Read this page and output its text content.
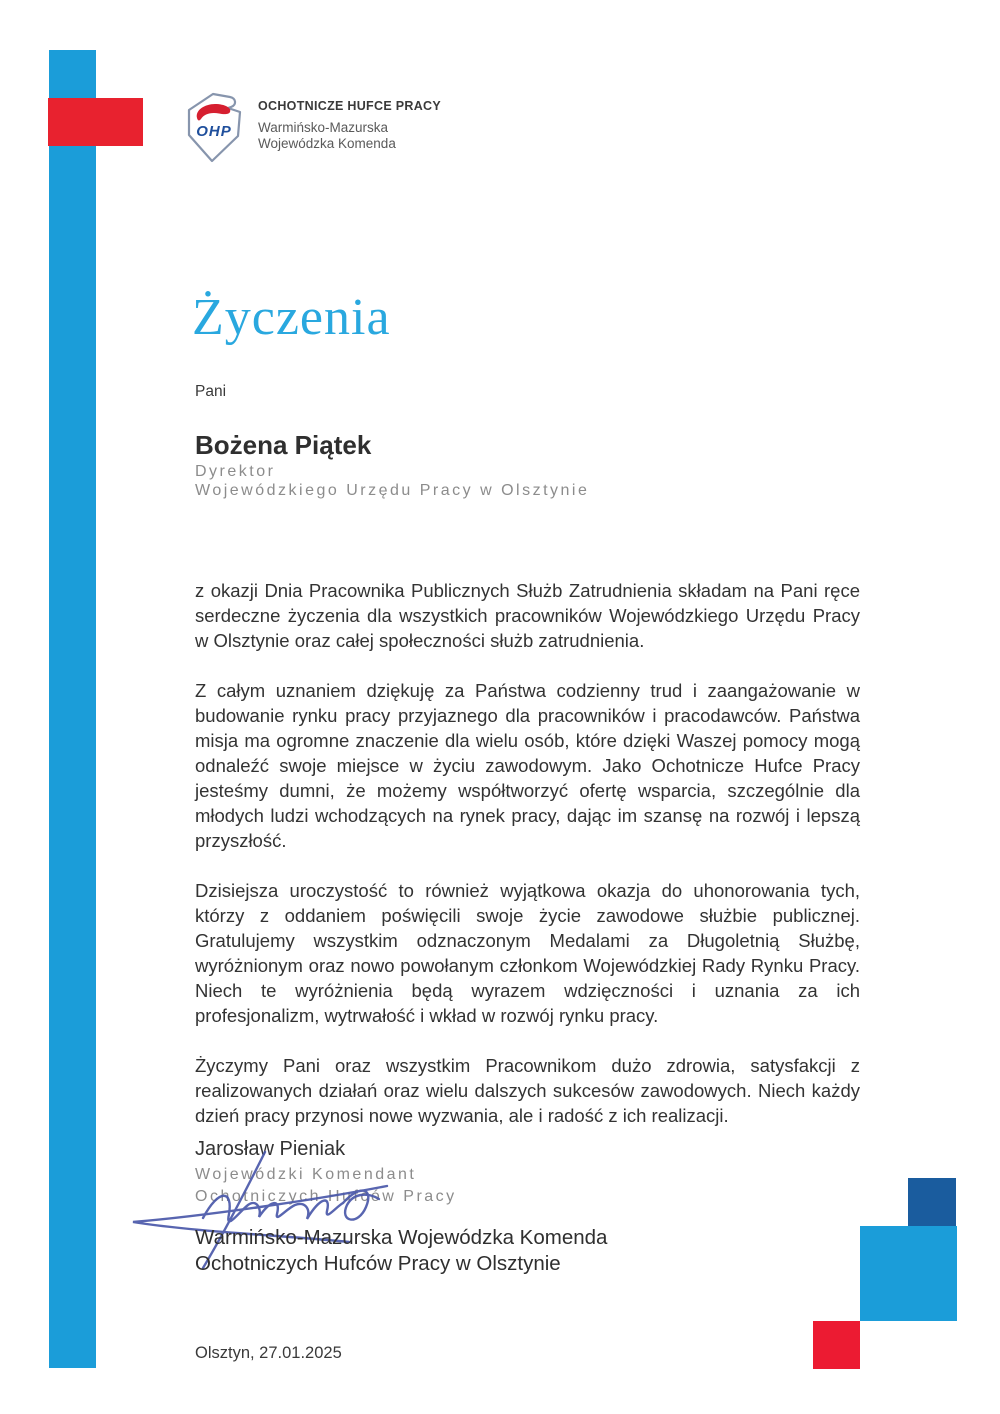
OHP

OCHOTNICZE HUFCE PRACY

Warmińsko-Mazurska

Wojewódzka Komenda

Życzenia
Pani

Bożena Piątek

Dyrektor
Wojewódzkiego Urzędu Pracy w Olsztynie

z okazji Dnia Pracownika Publicznych Służb Zatrudnienia składam na Pani ręce serdeczne życzenia dla wszystkich pracowników Wojewódzkiego Urzędu Pracy w Olsztynie oraz całej społeczności służb zatrudnienia.

Z całym uznaniem dziękuję za Państwa codzienny trud i zaangażowanie w budowanie rynku pracy przyjaznego dla pracowników i pracodawców. Państwa misja ma ogromne znaczenie dla wielu osób, które dzięki Waszej pomocy mogą odnaleźć swoje miejsce w życiu zawodowym. Jako Ochotnicze Hufce Pracy jesteśmy dumni, że możemy współtworzyć ofertę wsparcia, szczególnie dla młodych ludzi wchodzących na rynek pracy, dając im szansę na rozwój i lepszą przyszłość.

Dzisiejsza uroczystość to również wyjątkowa okazja do uhonorowania tych, którzy z oddaniem poświęcili swoje życie zawodowe służbie publicznej. Gratulujemy wszystkim odznaczonym Medalami za Długoletnią Służbę, wyróżnionym oraz nowo powołanym członkom Wojewódzkiej Rady Rynku Pracy. Niech te wyróżnienia będą wyrazem wdzięczności i uznania za ich profesjonalizm, wytrwałość i wkład w rozwój rynku pracy.

Życzymy Pani oraz wszystkim Pracownikom dużo zdrowia, satysfakcji z realizowanych działań oraz wielu dalszych sukcesów zawodowych. Niech każdy dzień pracy przynosi nowe wyzwania, ale i radość z ich realizacji.

Jarosław Pieniak
Wojewódzki Komendant
Ochotniczych Hufców Pracy
Warmińsko-Mazurska Wojewódzka Komenda
Ochotniczych Hufców Pracy w Olsztynie
Olsztyn, 27.01.2025
